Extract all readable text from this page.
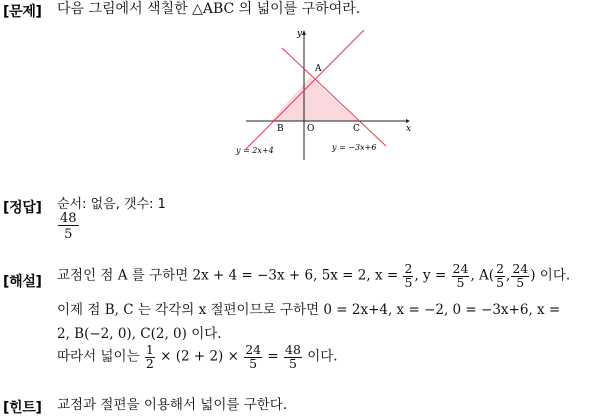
[문제] 다음 그림에서 색칠한 △ABC 의 넓이를 구하여라.
y
x
A
B	O	C
y = 2x+4	y = −3x+6
[정답] 순서: 없음, 갯수: 1
$\frac{48}{5}$
[해설] 교점인 점 A 를 구하면 2x + 4 = −3x + 6, 5x = 2, $x = \frac{2}{5}$ , $y = \frac{24}{5}$ , $A( \frac{2}{5}$ , $\frac{24}{5}$ ) 이다.
이제 점 B, C 는 각각의 x 절편이므로 구하면 0 = 2x+4, x = −2, 0 = −3x+6, x =
2, B(−2, 0), C(2, 0) 이다.
따라서 넓이는 $\frac{1}{2} \times (2 + 2) \times \frac{24}{5} = \frac{48}{5}$ 이다.
[힌트] 교점과 절편을 이용해서 넓이를 구한다.
